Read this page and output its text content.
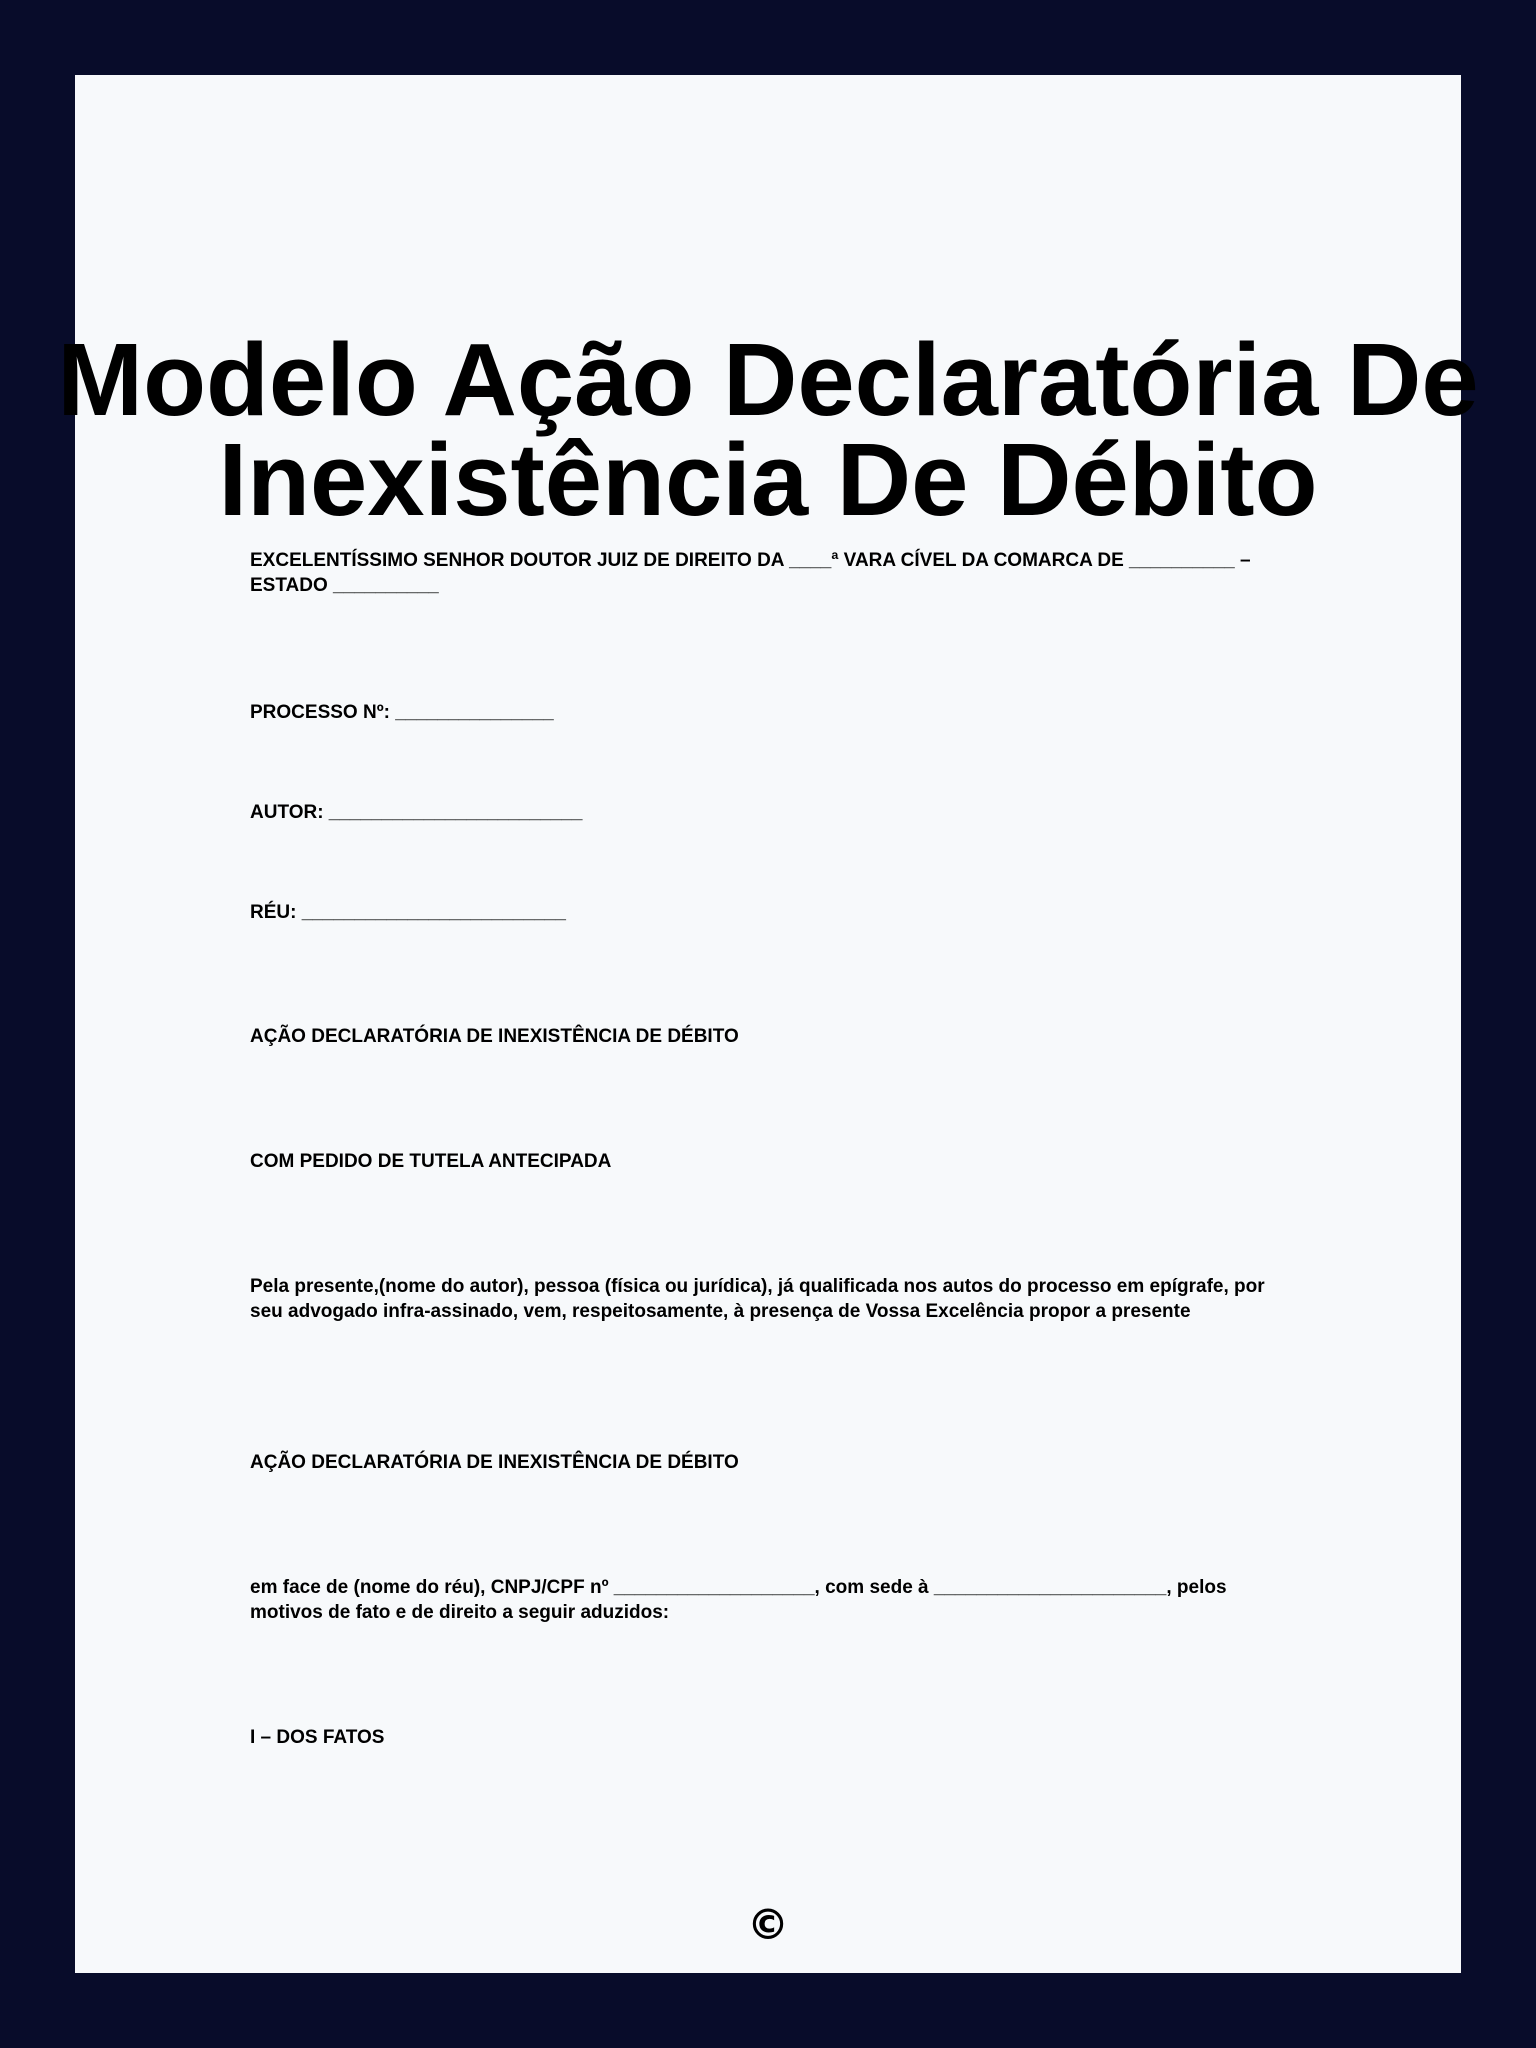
Modelo Ação Declaratória De
Inexistência De Débito

EXCELENTÍSSIMO SENHOR DOUTOR JUIZ DE DIREITO DA ____ª VARA CÍVEL DA COMARCA DE __________ – ESTADO __________

PROCESSO Nº: _______________

AUTOR: ________________________

RÉU: _________________________

AÇÃO DECLARATÓRIA DE INEXISTÊNCIA DE DÉBITO

COM PEDIDO DE TUTELA ANTECIPADA

Pela presente,(nome do autor), pessoa (física ou jurídica), já qualificada nos autos do processo em epígrafe, por seu advogado infra-assinado, vem, respeitosamente, à presença de Vossa Excelência propor a presente

AÇÃO DECLARATÓRIA DE INEXISTÊNCIA DE DÉBITO

em face de (nome do réu), CNPJ/CPF nº ___________________, com sede à ______________________, pelos motivos de fato e de direito a seguir aduzidos:

I – DOS FATOS

©
